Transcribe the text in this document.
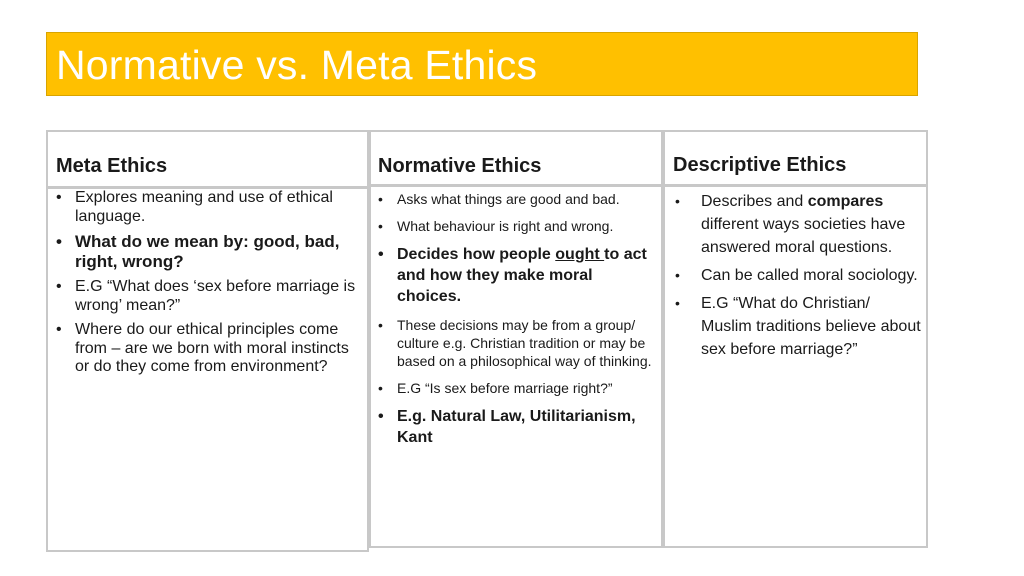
Normative vs. Meta Ethics
Meta Ethics
• Explores meaning and use of ethical language.
• What do we mean by: good, bad, right, wrong?
• E.G “What does ‘sex before marriage is wrong’ mean?”
• Where do our ethical principles come from – are we born with moral instincts or do they come from environment?
Normative Ethics
• Asks what things are good and bad.
• What behaviour is right and wrong.
• Decides how people ought to act and how they make moral choices.
• These decisions may be from a group/ culture e.g. Christian tradition or may be based on a philosophical way of thinking.
• E.G “Is sex before marriage right?”
• E.g. Natural Law, Utilitarianism, Kant
Descriptive Ethics
• Describes and compares different ways societies have answered moral questions.
• Can be called moral sociology.
• E.G “What do Christian/ Muslim traditions believe about sex before marriage?”
